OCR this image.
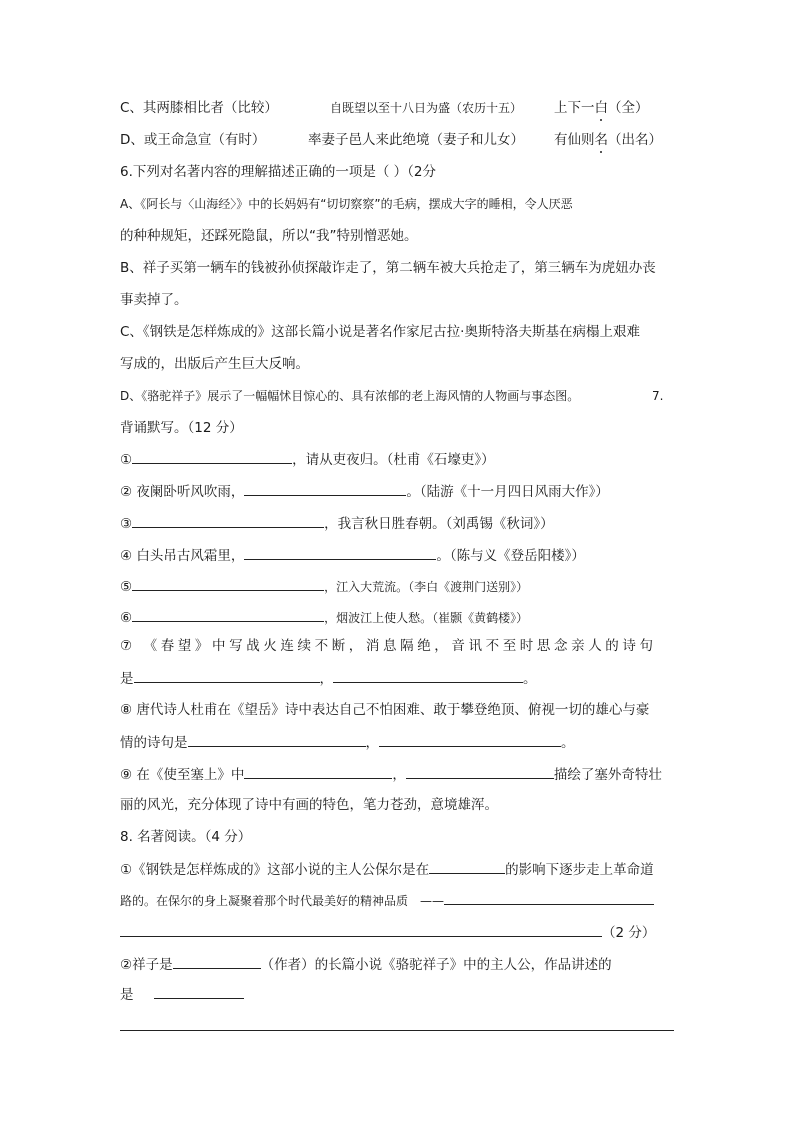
C、其两膝相比者（比较）	自既望以至十八日为盛（农历十五） 上下一白（全）
D、或王命急宣（有时）	率妻子邑人来此绝境（妻子和儿女） 有仙则名（出名）
6.下列对名著内容的理解描述正确的一项是（ ）（2分
A、《阿长与〈山海经〉》中的长妈妈有“切切察察”的毛病，摆成大字的睡相，令人厌恶
的种种规矩，还踩死隐鼠，所以“我”特别憎恶她。
B、祥子买第一辆车的钱被孙侦探敲诈走了，第二辆车被大兵抢走了，第三辆车为虎妞办丧
事卖掉了。
C、《钢铁是怎样炼成的》这部长篇小说是著名作家尼古拉·奥斯特洛夫斯基在病榻上艰难
写成的，出版后产生巨大反响。
D、《骆驼祥子》展示了一幅幅怵目惊心的、具有浓郁的老上海风情的人物画与事态图。	7.
背诵默写。（12 分）
①	，请从吏夜归。（杜甫《石壕吏》）
② 夜阑卧听风吹雨，	。（陆游《十一月四日风雨大作》）
③	，我言秋日胜春朝。（刘禹锡《秋词》）
④ 白头吊古风霜里，	。（陈与义《登岳阳楼》）
⑤	，江入大荒流。（李白《渡荆门送别》）
⑥	，烟波江上使人愁。（崔颢《黄鹤楼》）
⑦ 《春望》中写战火连续不断，消息隔绝，音讯不至时思念亲人的诗句
是	，	。
⑧ 唐代诗人杜甫在《望岳》诗中表达自己不怕困难、敢于攀登绝顶、俯视一切的雄心与豪
情的诗句是	，	。
⑨ 在《使至塞上》中	，	描绘了塞外奇特壮
丽的风光，充分体现了诗中有画的特色，笔力苍劲，意境雄浑。
8. 名著阅读。（4 分）
①《钢铁是怎样炼成的》这部小说的主人公保尔是在	的影响下逐步走上革命道
路的。在保尔的身上凝聚着那个时代最美好的精神品质 ——
（2 分）
②祥子是	（作者）的长篇小说《骆驼祥子》中的主人公，作品讲述的
是
